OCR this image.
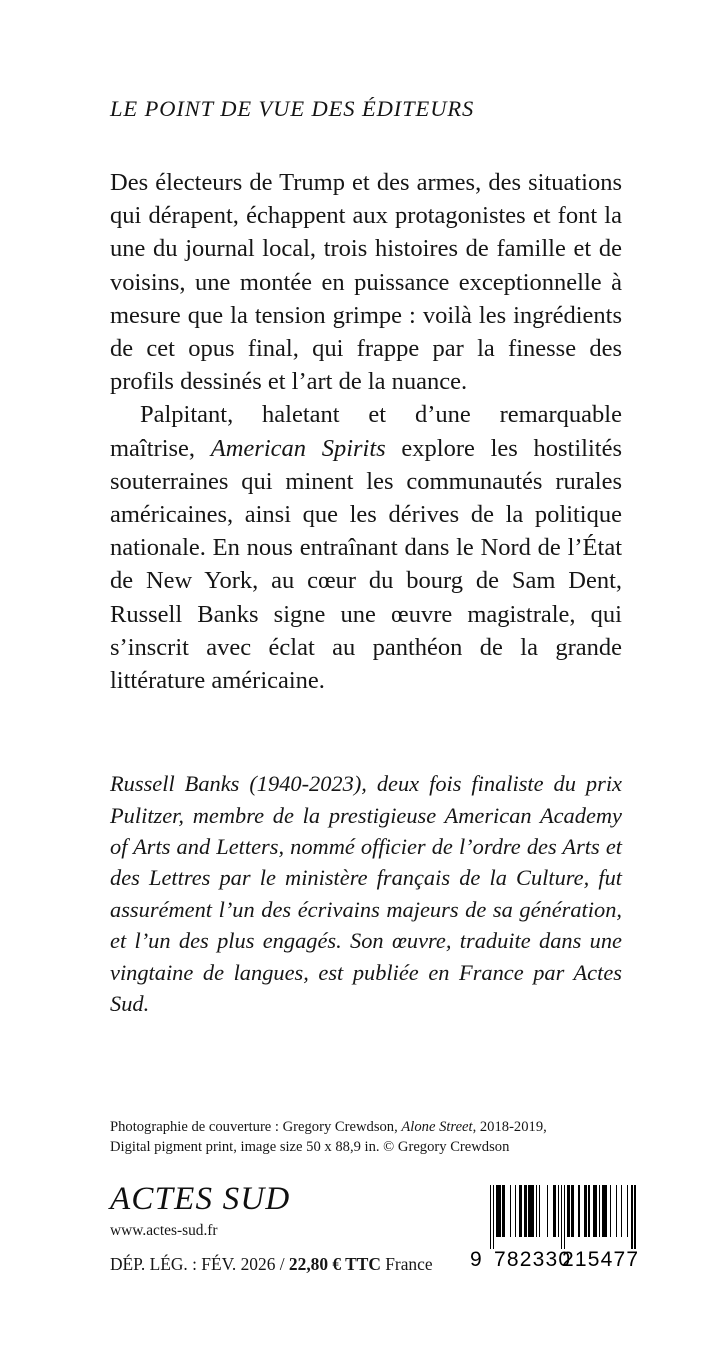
LE POINT DE VUE DES ÉDITEURS

Des électeurs de Trump et des armes, des situations qui dérapent, échappent aux protagonistes et font la une du journal local, trois histoires de famille et de voisins, une montée en puissance exceptionnelle à mesure que la tension grimpe : voilà les ingrédients de cet opus final, qui frappe par la finesse des profils dessinés et l’art de la nuance.

Palpitant, haletant et d’une remarquable maîtrise, American Spirits explore les hostilités souterraines qui minent les communautés rurales américaines, ainsi que les dérives de la politique nationale. En nous entraînant dans le Nord de l’État de New York, au cœur du bourg de Sam Dent, Russell Banks signe une œuvre magistrale, qui s’inscrit avec éclat au panthéon de la grande littérature américaine.

Russell Banks (1940-2023), deux fois finaliste du prix Pulitzer, membre de la prestigieuse American Academy of Arts and Letters, nommé officier de l’ordre des Arts et des Lettres par le ministère français de la Culture, fut assurément l’un des écrivains majeurs de sa génération, et l’un des plus engagés. Son œuvre, traduite dans une vingtaine de langues, est publiée en France par Actes Sud.

Photographie de couverture : Gregory Crewdson, Alone Street, 2018-2019,
Digital pigment print, image size 50 x 88,9 in. © Gregory Crewdson
ACTES SUD
www.actes-sud.fr
DÉP. LÉG. : FÉV. 2026 / 22,80 € TTC France	9 782330
215477
